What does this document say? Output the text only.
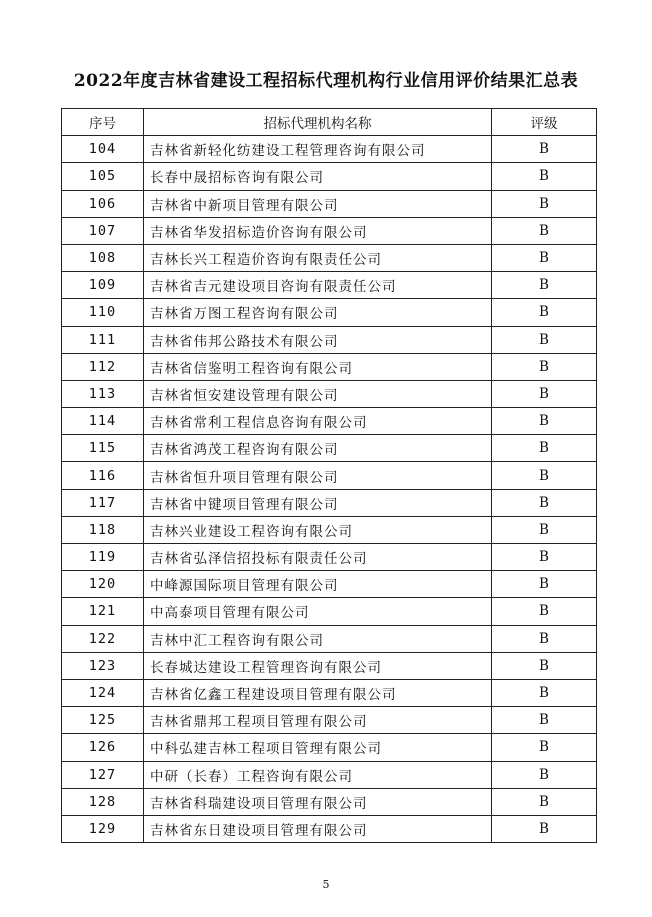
2022年度吉林省建设工程招标代理机构行业信用评价结果汇总表
序号	招标代理机构名称	评级
104	吉林省新轻化纺建设工程管理咨询有限公司	B
105	长春中晟招标咨询有限公司	B
106	吉林省中新项目管理有限公司	B
107	吉林省华发招标造价咨询有限公司	B
108	吉林长兴工程造价咨询有限责任公司	B
109	吉林省吉元建设项目咨询有限责任公司	B
110	吉林省万图工程咨询有限公司	B
111	吉林省伟邦公路技术有限公司	B
112	吉林省信鉴明工程咨询有限公司	B
113	吉林省恒安建设管理有限公司	B
114	吉林省常利工程信息咨询有限公司	B
115	吉林省鸿茂工程咨询有限公司	B
116	吉林省恒升项目管理有限公司	B
117	吉林省中键项目管理有限公司	B
118	吉林兴业建设工程咨询有限公司	B
119	吉林省弘泽信招投标有限责任公司	B
120	中峰源国际项目管理有限公司	B
121	中高泰项目管理有限公司	B
122	吉林中汇工程咨询有限公司	B
123	长春城达建设工程管理咨询有限公司	B
124	吉林省亿鑫工程建设项目管理有限公司	B
125	吉林省鼎邦工程项目管理有限公司	B
126	中科弘建吉林工程项目管理有限公司	B
127	中研（长春）工程咨询有限公司	B
128	吉林省科瑞建设项目管理有限公司	B
129	吉林省东日建设项目管理有限公司	B
5
